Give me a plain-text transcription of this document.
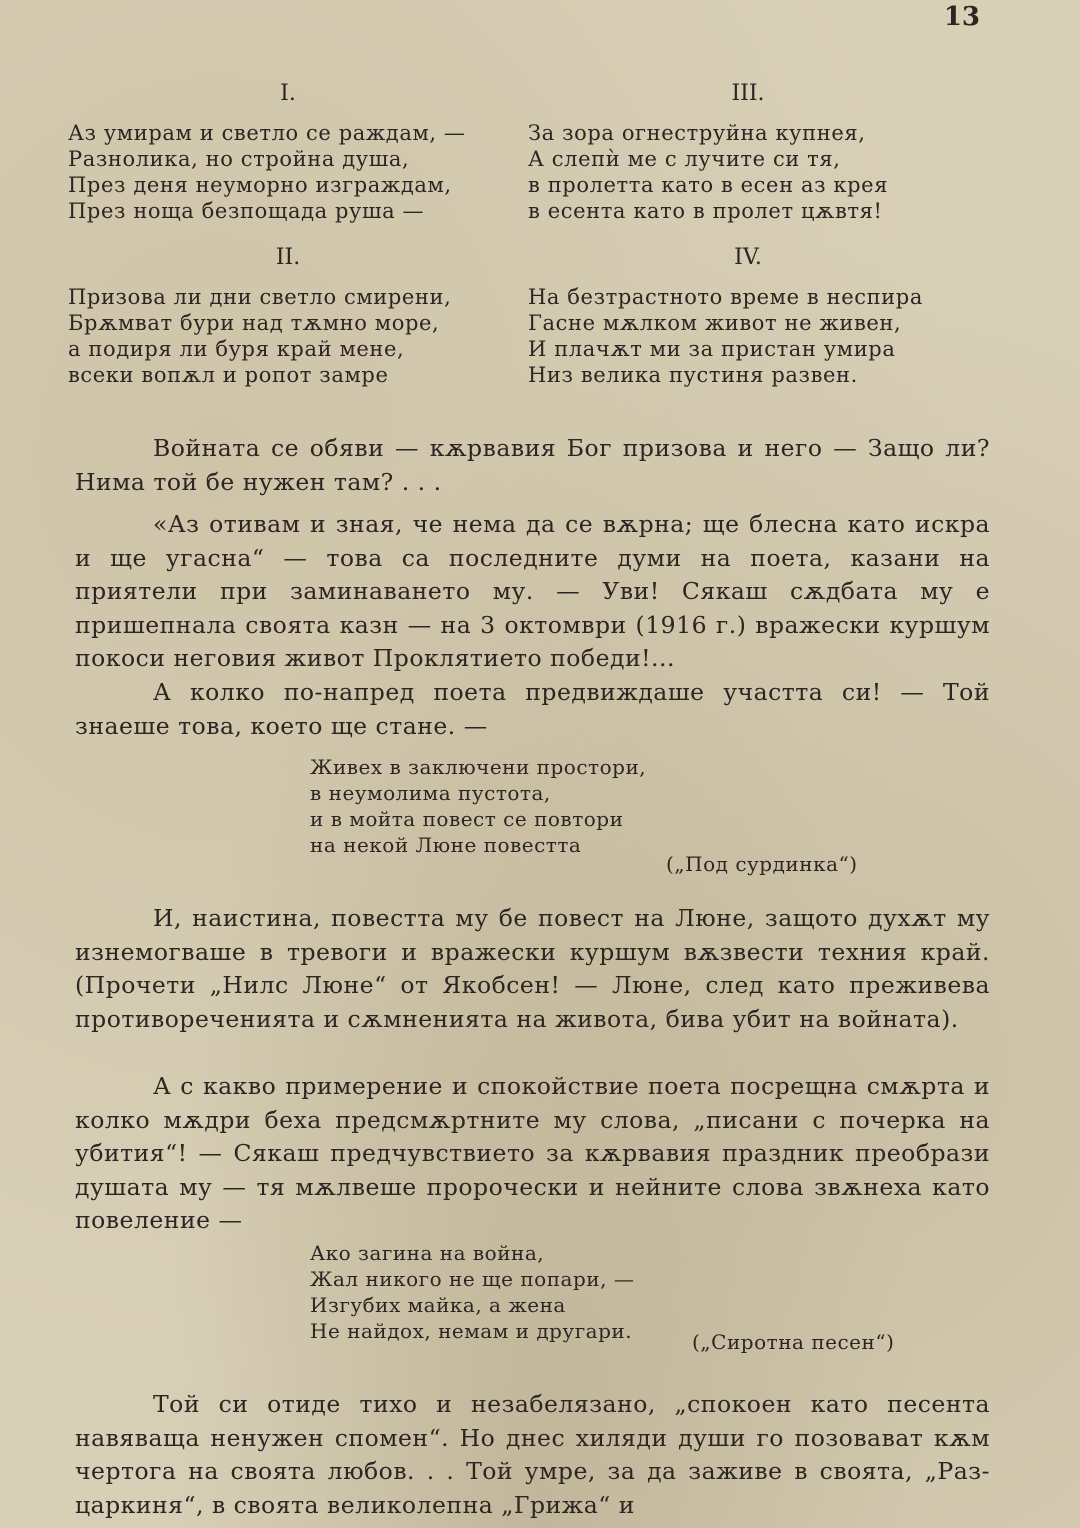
13
I.
Аз умирам и светло се раждам, —
Разнолика, но стройна душа,
През деня неуморно изграждам,
През ноща безпощада руша —
III.
За зора огнеструйна купнея,
А слепѝ ме с лучите си тя,
в пролетта като в есен аз крея
в есента като в пролет цѫвтя!
II.
Призова ли дни светло смирени,
Брѫмват бури над тѫмно море,
а подиря ли буря край мене,
всеки вопѫл и ропот замре
IV.
На безтрастното време в неспира
Гасне мѫлком живот не живен,
И плачѫт ми за пристан умира
Низ велика пустиня развен.

Войната се обяви — кѫрвавия Бог призова и него — Защо ли? Нима той бе нужен там? . . .

«Аз отивам и зная, че нема да се вѫрна; ще блесна като искра и ще угасна“ — това са последните думи на поета, казани на приятели при заминаването му. — Уви! Сякаш сѫдбата му е пришепнала своята казн — на 3 октомври (1916 г.) вражески куршум покоси неговия живот Проклятието победи!...

А колко по-напред поета предвиждаше участта си! — Той знаеше това, което ще стане. —

Живех в заключени простори,
в неумолима пустота,
и в мойта повест се повтори
на некой Люне повестта
(„Под сурдинка“)

И, наистина, повестта му бе повест на Люне, защото духѫт му изнемогваше в тревоги и вражески куршум вѫзвести техния край. (Прочети „Нилс Люне“ от Якобсен! — Люне, след като преживева противоречениятa и сѫмненията на живота, бива убит на войната).

А с какво примерение и спокойствие поета посрещна смѫрта и колко мѫдри беха предсмѫртните му слова, „писани с почерка на убития“! — Сякаш предчувствието за кѫрвавия праздник преобрази душата му — тя мѫлвеше пророчески и нейните слова звѫнеха като повеление —

Ако загина на война,
Жал никого не ще попари, —
Изгубих майка, а жена
Не найдох, немам и другари.	(„Сиротна песен“)

Той си отиде тихо и незабелязано, „спокоен като песента навяваща ненужен спомен“. Но днес хиляди души го позовават кѫм чертога на своята любов. . . Той умре, за да заживе в своята, „Раз-царкиня“, в своята великолепна „Грижа“ и
